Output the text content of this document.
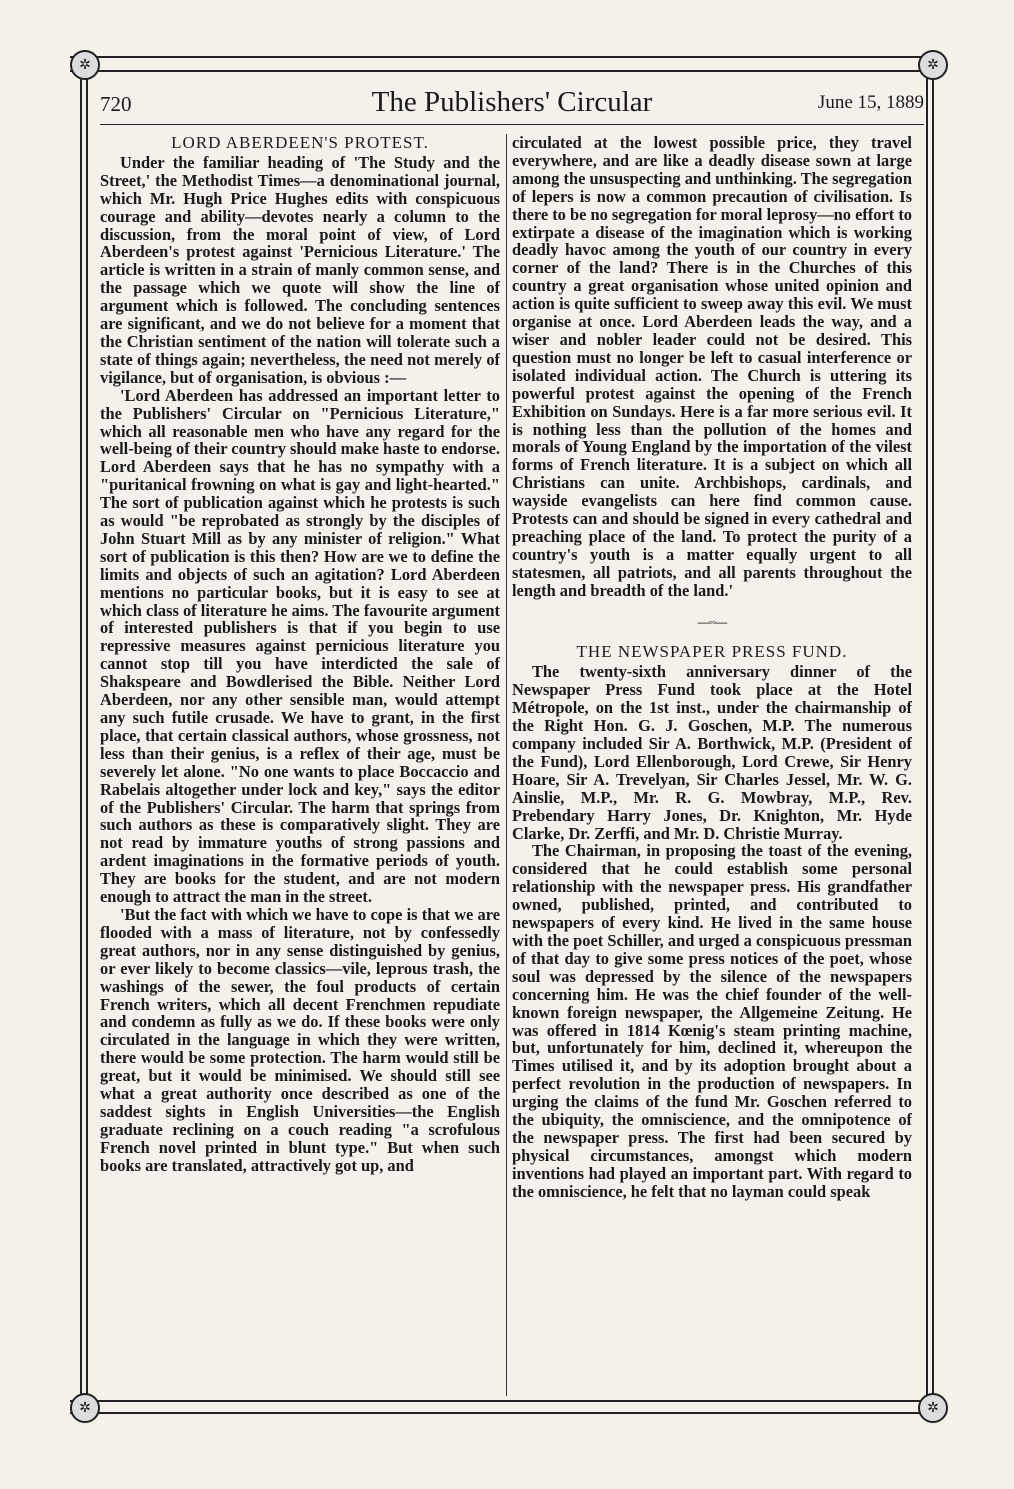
✲	✲
✲	✲
720	The Publishers' Circular	June 15, 1889
LORD ABERDEEN'S PROTEST.

Under the familiar heading of 'The Study and the Street,' the Methodist Times—a denominational journal, which Mr. Hugh Price Hughes edits with conspicuous courage and ability—devotes nearly a column to the discussion, from the moral point of view, of Lord Aberdeen's protest against 'Pernicious Literature.' The article is written in a strain of manly common sense, and the passage which we quote will show the line of argument which is followed. The concluding sentences are significant, and we do not believe for a moment that the Christian sentiment of the nation will tolerate such a state of things again; nevertheless, the need not merely of vigilance, but of organisation, is obvious :—

'Lord Aberdeen has addressed an important letter to the Publishers' Circular on "Pernicious Literature," which all reasonable men who have any regard for the well-being of their country should make haste to endorse. Lord Aberdeen says that he has no sympathy with a "puritanical frowning on what is gay and light-hearted." The sort of publication against which he protests is such as would "be reprobated as strongly by the disciples of John Stuart Mill as by any minister of religion." What sort of publication is this then? How are we to define the limits and objects of such an agitation? Lord Aberdeen mentions no particular books, but it is easy to see at which class of literature he aims. The favourite argument of interested publishers is that if you begin to use repressive measures against pernicious literature you cannot stop till you have interdicted the sale of Shakspeare and Bowdlerised the Bible. Neither Lord Aberdeen, nor any other sensible man, would attempt any such futile crusade. We have to grant, in the first place, that certain classical authors, whose grossness, not less than their genius, is a reflex of their age, must be severely let alone. "No one wants to place Boccaccio and Rabelais altogether under lock and key," says the editor of the Publishers' Circular. The harm that springs from such authors as these is comparatively slight. They are not read by immature youths of strong passions and ardent imaginations in the formative periods of youth. They are books for the student, and are not modern enough to attract the man in the street.

'But the fact with which we have to cope is that we are flooded with a mass of literature, not by confessedly great authors, nor in any sense distinguished by genius, or ever likely to become classics—vile, leprous trash, the washings of the sewer, the foul products of certain French writers, which all decent Frenchmen repudiate and condemn as fully as we do. If these books were only circulated in the language in which they were written, there would be some protection. The harm would still be great, but it would be minimised. We should still see what a great authority once described as one of the saddest sights in English Universities—the English graduate reclining on a couch reading "a scrofulous French novel printed in blunt type." But when such books are translated, attractively got up, and

circulated at the lowest possible price, they travel everywhere, and are like a deadly disease sown at large among the unsuspecting and unthinking. The segregation of lepers is now a common precaution of civilisation. Is there to be no segregation for moral leprosy—no effort to extirpate a disease of the imagination which is working deadly havoc among the youth of our country in every corner of the land? There is in the Churches of this country a great organisation whose united opinion and action is quite sufficient to sweep away this evil. We must organise at once. Lord Aberdeen leads the way, and a wiser and nobler leader could not be desired. This question must no longer be left to casual interference or isolated individual action. The Church is uttering its powerful protest against the opening of the French Exhibition on Sundays. Here is a far more serious evil. It is nothing less than the pollution of the homes and morals of Young England by the importation of the vilest forms of French literature. It is a subject on which all Christians can unite. Archbishops, cardinals, and wayside evangelists can here find common cause. Protests can and should be signed in every cathedral and preaching place of the land. To protect the purity of a country's youth is a matter equally urgent to all statesmen, all patriots, and all parents throughout the length and breadth of the land.'

—◦◦—
THE NEWSPAPER PRESS FUND.

The twenty-sixth anniversary dinner of the Newspaper Press Fund took place at the Hotel Métropole, on the 1st inst., under the chairmanship of the Right Hon. G. J. Goschen, M.P. The numerous company included Sir A. Borthwick, M.P. (President of the Fund), Lord Ellenborough, Lord Crewe, Sir Henry Hoare, Sir A. Trevelyan, Sir Charles Jessel, Mr. W. G. Ainslie, M.P., Mr. R. G. Mowbray, M.P., Rev. Prebendary Harry Jones, Dr. Knighton, Mr. Hyde Clarke, Dr. Zerffi, and Mr. D. Christie Murray.

The Chairman, in proposing the toast of the evening, considered that he could establish some personal relationship with the newspaper press. His grandfather owned, published, printed, and contributed to newspapers of every kind. He lived in the same house with the poet Schiller, and urged a conspicuous pressman of that day to give some press notices of the poet, whose soul was depressed by the silence of the newspapers concerning him. He was the chief founder of the well-known foreign newspaper, the Allgemeine Zeitung. He was offered in 1814 Kœnig's steam printing machine, but, unfortunately for him, declined it, whereupon the Times utilised it, and by its adoption brought about a perfect revolution in the production of newspapers. In urging the claims of the fund Mr. Goschen referred to the ubiquity, the omniscience, and the omnipotence of the newspaper press. The first had been secured by physical circumstances, amongst which modern inventions had played an important part. With regard to the omniscience, he felt that no layman could speak
